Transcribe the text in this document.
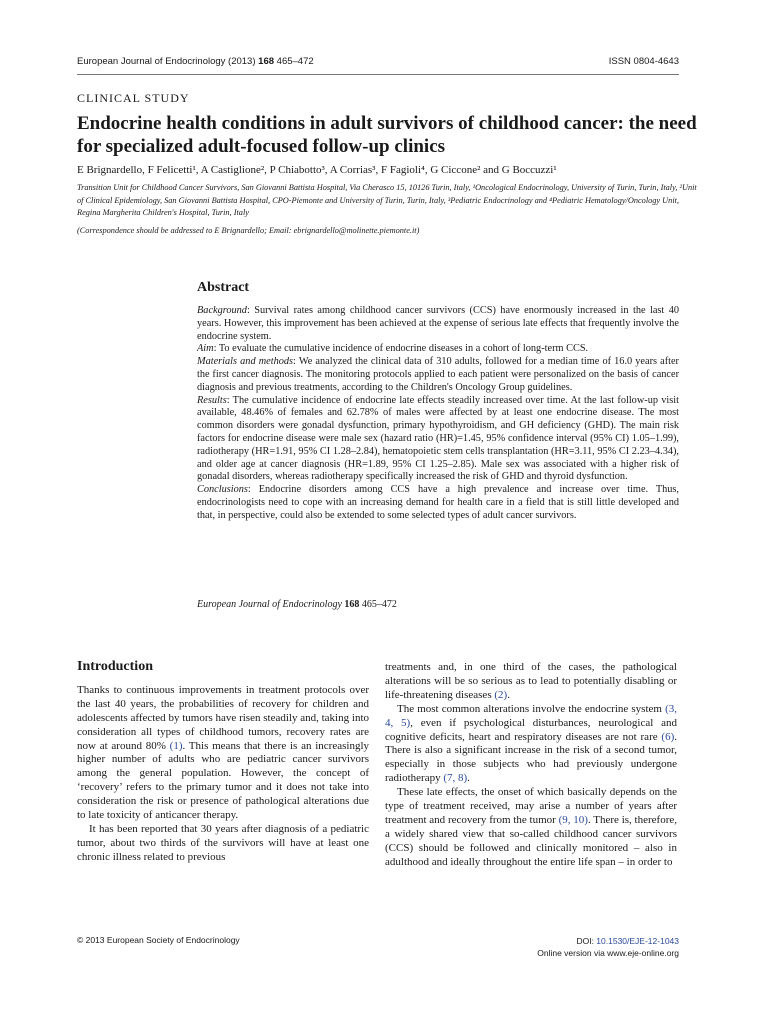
European Journal of Endocrinology (2013) 168 465–472	ISSN 0804-4643
CLINICAL STUDY
Endocrine health conditions in adult survivors of childhood cancer: the need for specialized adult-focused follow-up clinics
E Brignardello, F Felicetti¹, A Castiglione², P Chiabotto³, A Corrias³, F Fagioli⁴, G Ciccone² and G Boccuzzi¹
Transition Unit for Childhood Cancer Survivors, San Giovanni Battista Hospital, Via Cherasco 15, 10126 Turin, Italy, ¹Oncological Endocrinology, University of Turin, Turin, Italy, ²Unit of Clinical Epidemiology, San Giovanni Battista Hospital, CPO-Piemonte and University of Turin, Turin, Italy, ³Pediatric Endocrinology and ⁴Pediatric Hematology/Oncology Unit, Regina Margherita Children's Hospital, Turin, Italy
(Correspondence should be addressed to E Brignardello; Email: ebrignardello@molinette.piemonte.it)
Abstract

Background: Survival rates among childhood cancer survivors (CCS) have enormously increased in the last 40 years. However, this improvement has been achieved at the expense of serious late effects that frequently involve the endocrine system.

Aim: To evaluate the cumulative incidence of endocrine diseases in a cohort of long-term CCS.

Materials and methods: We analyzed the clinical data of 310 adults, followed for a median time of 16.0 years after the first cancer diagnosis. The monitoring protocols applied to each patient were personalized on the basis of cancer diagnosis and previous treatments, according to the Children's Oncology Group guidelines.

Results: The cumulative incidence of endocrine late effects steadily increased over time. At the last follow-up visit available, 48.46% of females and 62.78% of males were affected by at least one endocrine disease. The most common disorders were gonadal dysfunction, primary hypothyroidism, and GH deficiency (GHD). The main risk factors for endocrine disease were male sex (hazard ratio (HR)=1.45, 95% confidence interval (95% CI) 1.05–1.99), radiotherapy (HR=1.91, 95% CI 1.28–2.84), hematopoietic stem cells transplantation (HR=3.11, 95% CI 2.23–4.34), and older age at cancer diagnosis (HR=1.89, 95% CI 1.25–2.85). Male sex was associated with a higher risk of gonadal disorders, whereas radiotherapy specifically increased the risk of GHD and thyroid dysfunction.

Conclusions: Endocrine disorders among CCS have a high prevalence and increase over time. Thus, endocrinologists need to cope with an increasing demand for health care in a field that is still little developed and that, in perspective, could also be extended to some selected types of adult cancer survivors.

European Journal of Endocrinology 168 465–472
Introduction

Thanks to continuous improvements in treatment protocols over the last 40 years, the probabilities of recovery for children and adolescents affected by tumors have risen steadily and, taking into consideration all types of childhood tumors, recovery rates are now at around 80% (1). This means that there is an increasingly higher number of adults who are pediatric cancer survivors among the general population. However, the concept of ‘recovery’ refers to the primary tumor and it does not take into consideration the risk or presence of pathological alterations due to late toxicity of anticancer therapy.

It has been reported that 30 years after diagnosis of a pediatric tumor, about two thirds of the survivors will have at least one chronic illness related to previous

treatments and, in one third of the cases, the pathological alterations will be so serious as to lead to potentially disabling or life-threatening diseases (2).

The most common alterations involve the endocrine system (3, 4, 5), even if psychological disturbances, neurological and cognitive deficits, heart and respiratory diseases are not rare (6). There is also a significant increase in the risk of a second tumor, especially in those subjects who had previously undergone radiotherapy (7, 8).

These late effects, the onset of which basically depends on the type of treatment received, may arise a number of years after treatment and recovery from the tumor (9, 10). There is, therefore, a widely shared view that so-called childhood cancer survivors (CCS) should be followed and clinically monitored – also in adulthood and ideally throughout the entire life span – in order to

© 2013 European Society of Endocrinology	DOI: 10.1530/EJE-12-1043
Online version via www.eje-online.org
